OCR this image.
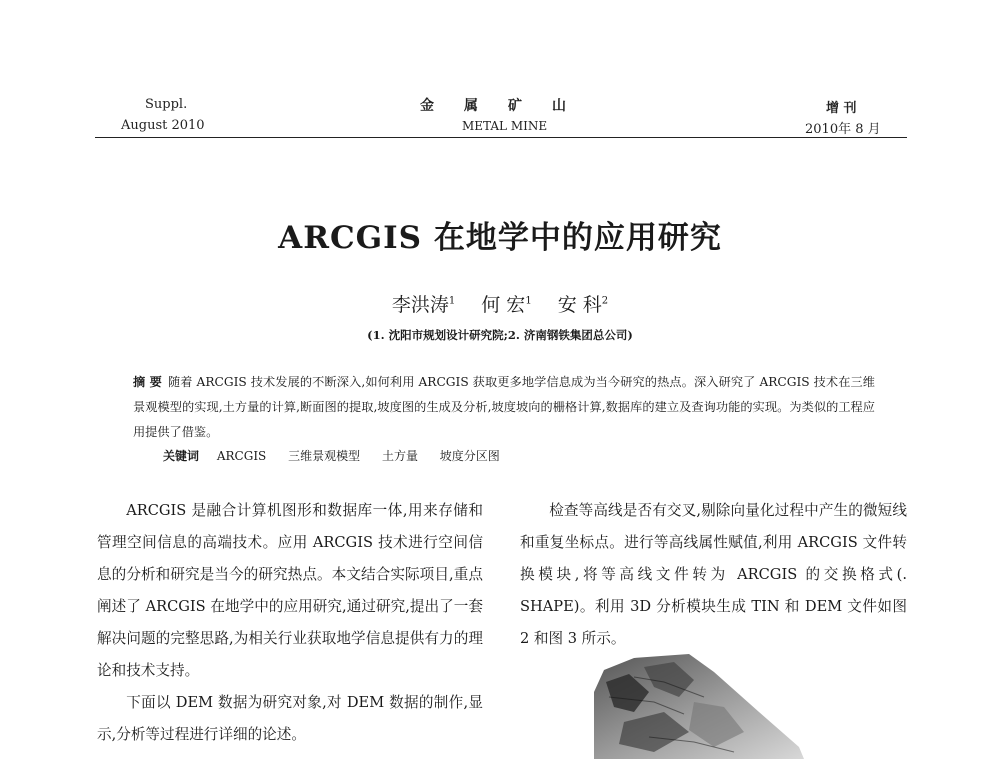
Suppl.
August 2010
金属矿山
METAL MINE
增 刊
2010年 8 月
ARCGIS 在地学中的应用研究
李洪涛$^1$ 何 宏$^1$ 安 科$^2$
(1. 沈阳市规划设计研究院;2. 济南钢铁集团总公司)
摘 要 随着 ARCGIS 技术发展的不断深入,如何利用 ARCGIS 获取更多地学信息成为当今研究的热点。深入研究了 ARCGIS 技术在三维景观模型的实现,土方量的计算,断面图的提取,坡度图的生成及分析,坡度坡向的栅格计算,数据库的建立及查询功能的实现。为类似的工程应用提供了借鉴。
关键词 ARCGIS 三维景观模型 土方量 坡度分区图

ARCGIS 是融合计算机图形和数据库一体,用来存储和管理空间信息的高端技术。应用 ARCGIS 技术进行空间信息的分析和研究是当今的研究热点。本文结合实际项目,重点阐述了 ARCGIS 在地学中的应用研究,通过研究,提出了一套解决问题的完整思路,为相关行业获取地学信息提供有力的理论和技术支持。

下面以 DEM 数据为研究对象,对 DEM 数据的制作,显示,分析等过程进行详细的论述。

检查等高线是否有交叉,剔除向量化过程中产生的微短线和重复坐标点。进行等高线属性赋值,利用 ARCGIS 文件转换模块,将等高线文件转为 ARCGIS 的交换格式(. SHAPE)。利用 3D 分析模块生成 TIN 和 DEM 文件如图 2 和图 3 所示。
